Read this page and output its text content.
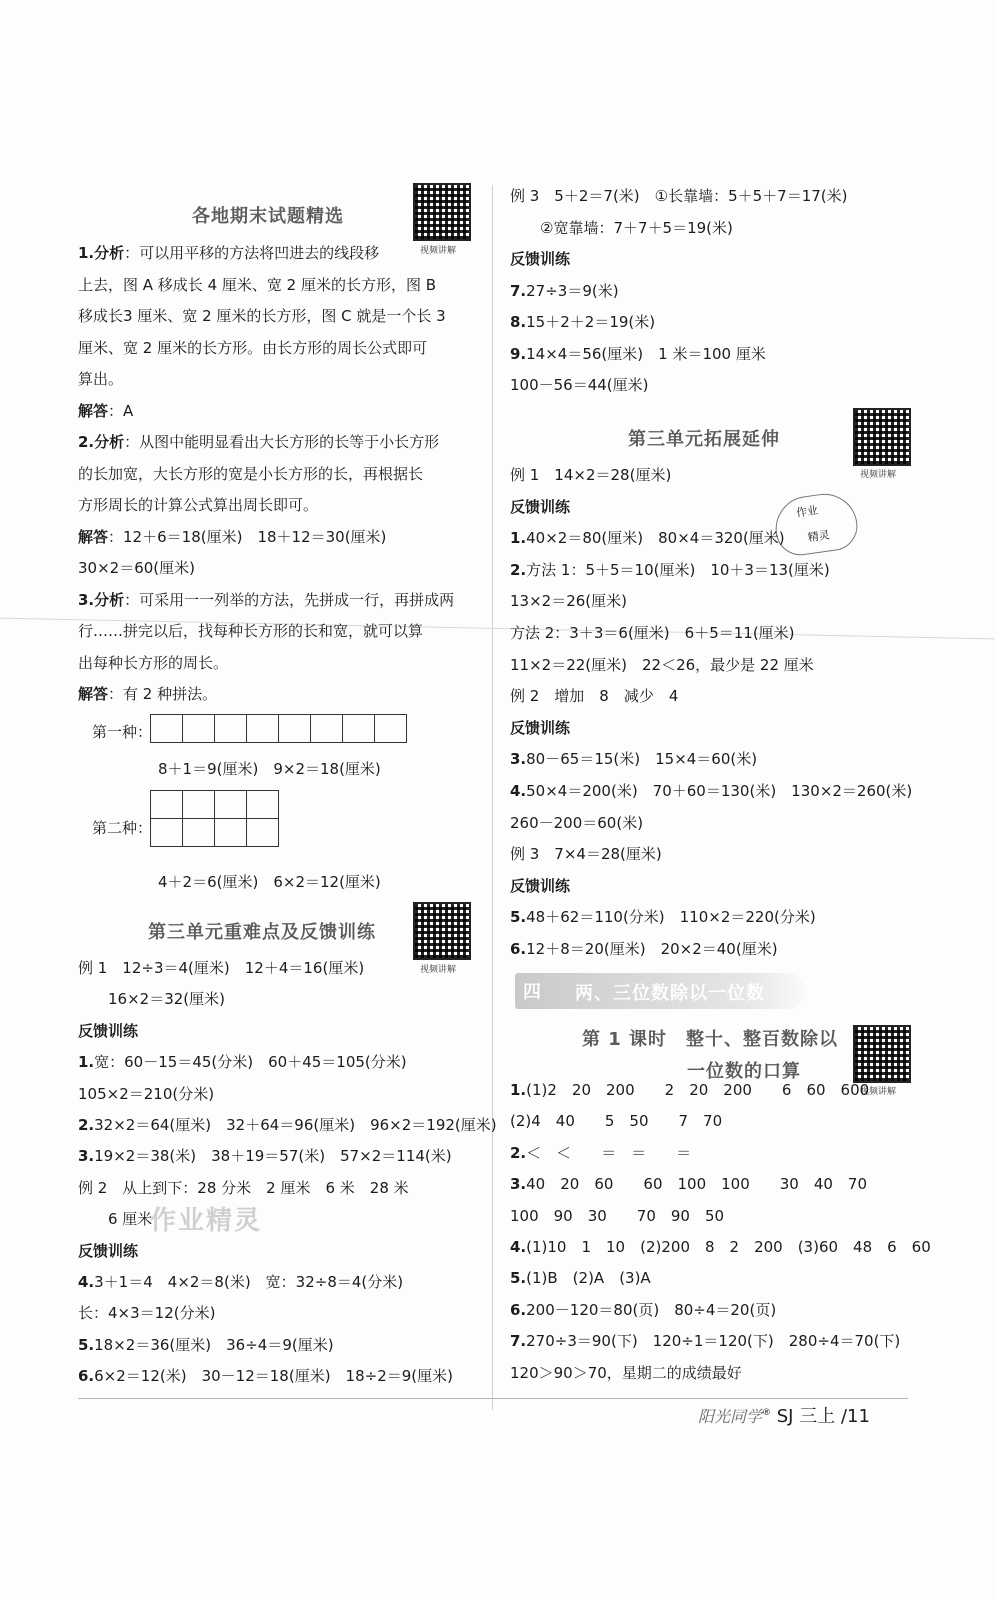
各地期末试题精选
视频讲解
1.分析：可以用平移的方法将凹进去的线段移
上去，图 A 移成长 4 厘米、宽 2 厘米的长方形，图 B
移成长3 厘米、宽 2 厘米的长方形，图 C 就是一个长 3
厘米、宽 2 厘米的长方形。由长方形的周长公式即可
算出。
解答：A
2.分析：从图中能明显看出大长方形的长等于小长方形
的长加宽，大长方形的宽是小长方形的长，再根据长
方形周长的计算公式算出周长即可。
解答：12＋6＝18(厘米)　18＋12＝30(厘米)
30×2＝60(厘米)
3.分析：可采用一一列举的方法，先拼成一行，再拼成两
行……拼完以后，找每种长方形的长和宽，就可以算
出每种长方形的周长。
解答：有 2 种拼法。
第一种：

8＋1＝9(厘米)　9×2＝18(厘米)
第二种：

4＋2＝6(厘米)　6×2＝12(厘米)
第三单元重难点及反馈训练
视频讲解
例 1　12÷3＝4(厘米)　12＋4＝16(厘米)
　　16×2＝32(厘米)
反馈训练
1.宽：60－15＝45(分米)　60＋45＝105(分米)
105×2＝210(分米)
2.32×2＝64(厘米)　32＋64＝96(厘米)　96×2＝192(厘米)
3.19×2＝38(米)　38＋19＝57(米)　57×2＝114(米)
例 2　从上到下：28 分米　2 厘米　6 米　28 米
　　6 厘米
反馈训练
4.3＋1＝4　4×2＝8(米)　宽：32÷8＝4(分米)
长：4×3＝12(分米)
5.18×2＝36(厘米)　36÷4＝9(厘米)
6.6×2＝12(米)　30－12＝18(厘米)　18÷2＝9(厘米)
作业精灵
例 3　5＋2＝7(米)　①长靠墙：5＋5＋7＝17(米)
　　②宽靠墙：7＋7＋5＝19(米)
反馈训练
7.27÷3＝9(米)
8.15＋2＋2＝19(米)
9.14×4＝56(厘米)　1 米＝100 厘米
100－56＝44(厘米)
第三单元拓展延伸
视频讲解
作业
精灵
例 1　14×2＝28(厘米)
反馈训练
1.40×2＝80(厘米)　80×4＝320(厘米)
2.方法 1：5＋5＝10(厘米)　10＋3＝13(厘米)
13×2＝26(厘米)
方法 2：3＋3＝6(厘米)　6＋5＝11(厘米)
11×2＝22(厘米)　22＜26，最少是 22 厘米
例 2　增加　8　减少　4
反馈训练
3.80－65＝15(米)　15×4＝60(米)
4.50×4＝200(米)　70＋60＝130(米)　130×2＝260(米)
260－200＝60(米)
例 3　7×4＝28(厘米)
反馈训练
5.48＋62＝110(分米)　110×2＝220(分米)
6.12＋8＝20(厘米)　20×2＝40(厘米)
四 两、三位数除以一位数
第 1 课时　整十、整百数除以
一位数的口算
视频讲解
1.(1)2　20　200　　2　20　200　　6　60　600
(2)4　40　　5　50　　7　70
2.＜　＜　　＝　＝　　＝
3.40　20　60　　60　100　100　　30　40　70
100　90　30　　70　90　50
4.(1)10　1　10　(2)200　8　2　200　(3)60　48　6　60
5.(1)B　(2)A　(3)A
6.200－120＝80(页)　80÷4＝20(页)
7.270÷3＝90(下)　120÷1＝120(下)　280÷4＝70(下)
120＞90＞70，星期二的成绩最好
阳光同学® SJ 三上 /11
